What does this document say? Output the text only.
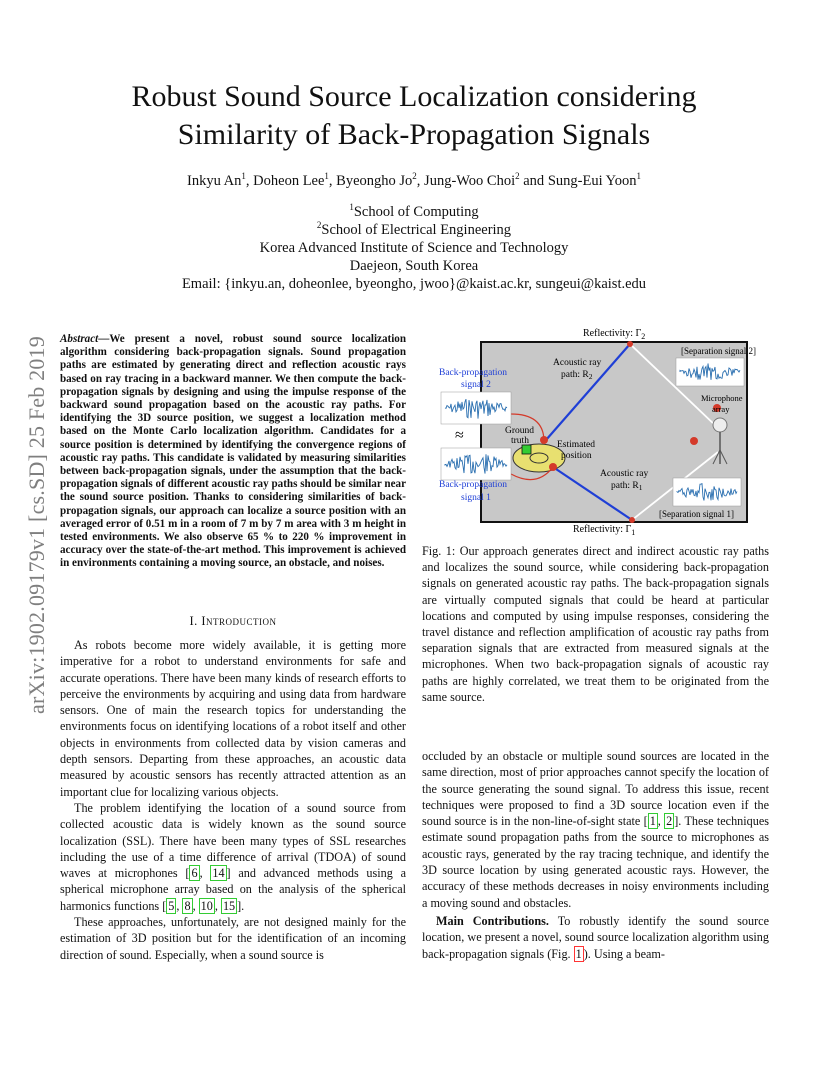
arXiv:1902.09179v1 [cs.SD] 25 Feb 2019
Robust Sound Source Localization considering
Similarity of Back-Propagation Signals
Inkyu An$^1$, Doheon Lee$^1$, Byeongho Jo$^2$, Jung-Woo Choi$^2$ and Sung-Eui Yoon$^1$
$^1$School of Computing
$^2$School of Electrical Engineering
Korea Advanced Institute of Science and Technology
Daejeon, South Korea
Email: {inkyu.an, doheonlee, byeongho, jwoo}@kaist.ac.kr, sungeui@kaist.edu
Abstract—We present a novel, robust sound source localization algorithm considering back-propagation signals. Sound propagation paths are estimated by generating direct and reflection acoustic rays based on ray tracing in a backward manner. We then compute the back-propagation signals by designing and using the impulse response of the backward sound propagation based on the acoustic ray paths. For identifying the 3D source position, we suggest a localization method based on the Monte Carlo localization algorithm. Candidates for a source position is determined by identifying the convergence regions of acoustic ray paths. This candidate is validated by measuring similarities between back-propagation signals, under the assumption that the back-propagation signals of different acoustic ray paths should be similar near the sound source position. Thanks to considering similarities of back-propagation signals, our approach can localize a source position with an averaged error of 0.51 m in a room of 7 m by 7 m area with 3 m height in tested environments. We also observe 65 % to 220 % improvement in accuracy over the state-of-the-art method. This improvement is achieved in environments containing a moving source, an obstacle, and noises.
I. Introduction

As robots become more widely available, it is getting more imperative for a robot to understand environments for safe and accurate operations. There have been many kinds of research efforts to perceive the environments by acquiring and using data from hardware sensors. One of main the research topics for understanding the environments focus on identifying locations of a robot itself and other objects in environments from collected data by vision cameras and depth sensors. Departing from these approaches, an acoustic data measured by acoustic sensors has recently attracted attention as an important clue for localizing various objects.

The problem identifying the location of a sound source from collected acoustic data is widely known as the sound source localization (SSL). There have been many types of SSL researches including the use of a time difference of arrival (TDOA) of sound waves at microphones [ 6 , 14 ] and advanced methods using a spherical microphone array based on the analysis of the spherical harmonics functions [ 5 , 8 , 10 , 15 ].

These approaches, unfortunately, are not designed mainly for the estimation of 3D position but for the identification of an incoming direction of sound. Especially, when a sound source is

Reflectivity: $\Gamma_2$
Reflectivity: $\Gamma_1$
≈
[Separation signal 2]
[Separation signal 1]
Back-propagation
signal 2
Back-propagation
signal 1
Acoustic ray
path: $R_2$
Acoustic ray
path: $R_1$
Ground
truth	Estimated
position
Microphone
array
Fig. 1: Our approach generates direct and indirect acoustic ray paths and localizes the sound source, while considering back-propagation signals on generated acoustic ray paths. The back-propagation signals are virtually computed signals that could be heard at particular locations and computed by using impulse responses, considering the travel distance and reflection amplification of acoustic ray paths from separation signals that are extracted from measured signals at the microphones. When two back-propagation signals of acoustic ray paths are highly correlated, we treat them to be originated from the same source.

occluded by an obstacle or multiple sound sources are located in the same direction, most of prior approaches cannot specify the location of the source generating the sound signal. To address this issue, recent techniques were proposed to find a 3D source location even if the sound source is in the non-line-of-sight state [ 1 , 2 ]. These techniques estimate sound propagation paths from the source to microphones as acoustic rays, generated by the ray tracing technique, and identify the 3D source location by using generated acoustic rays. However, the accuracy of these methods decreases in noisy environments including a moving sound and obstacles.

Main Contributions. To robustly identify the sound source location, we present a novel, sound source localization algorithm using back-propagation signals (Fig. 1 ). Using a beam-
